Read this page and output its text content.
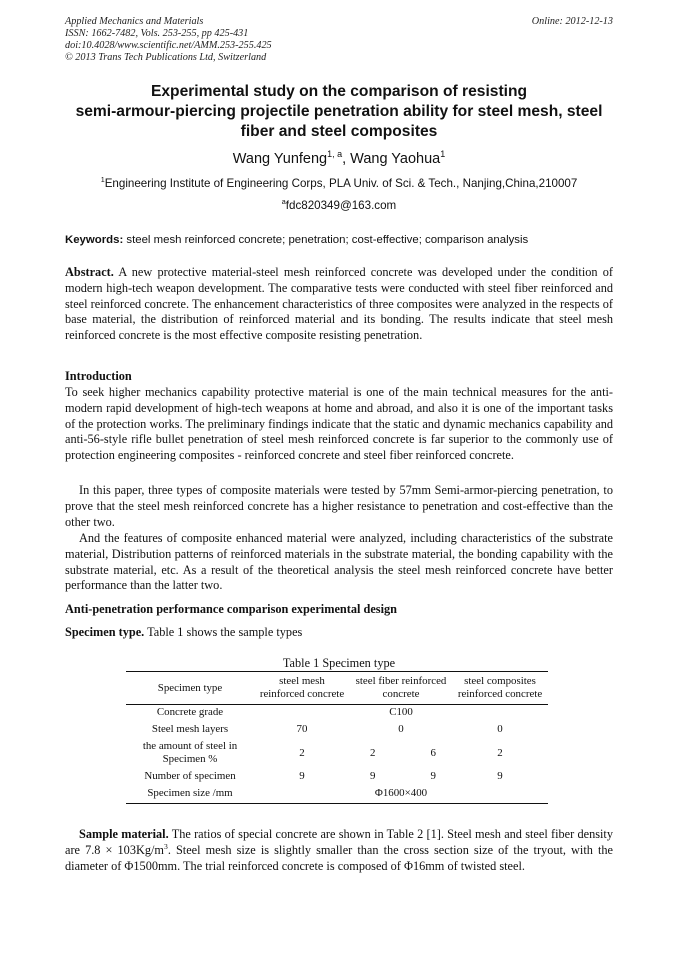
Applied Mechanics and Materials
ISSN: 1662-7482, Vols. 253-255, pp 425-431
doi:10.4028/www.scientific.net/AMM.253-255.425
© 2013 Trans Tech Publications Ltd, Switzerland
Online: 2012-12-13
Experimental study on the comparison of resisting
semi-armour-piercing projectile penetration ability for steel mesh, steel
fiber and steel composites
Wang Yunfeng$^{1, a}$, Wang Yaohua$^1$
$^1$Engineering Institute of Engineering Corps, PLA Univ. of Sci. & Tech., Nanjing,China,210007
$^a$fdc820349@163.com
Keywords: steel mesh reinforced concrete; penetration; cost-effective; comparison analysis
Abstract. A new protective material-steel mesh reinforced concrete was developed under the condition of modern high-tech weapon development. The comparative tests were conducted with steel fiber reinforced and steel reinforced concrete. The enhancement characteristics of three composites were analyzed in the respects of base material, the distribution of reinforced material and its bonding. The results indicate that steel mesh reinforced concrete is the most effective composite resisting penetration.
Introduction
To seek higher mechanics capability protective material is one of the main technical measures for the anti-modern rapid development of high-tech weapons at home and abroad, and also it is one of the important tasks of the protection works. The preliminary findings indicate that the static and dynamic mechanics capability and anti-56-style rifle bullet penetration of steel mesh reinforced concrete is far superior to the commonly use of protection engineering composites - reinforced concrete and steel fiber reinforced concrete.
In this paper, three types of composite materials were tested by 57mm Semi-armor-piercing penetration, to prove that the steel mesh reinforced concrete has a higher resistance to penetration and cost-effective than the other two.
And the features of composite enhanced material were analyzed, including characteristics of the substrate material, Distribution patterns of reinforced materials in the substrate material, the bonding capability with the substrate material, etc. As a result of the theoretical analysis the steel mesh reinforced concrete have better performance than the latter two.
Anti-penetration performance comparison experimental design
Specimen type. Table 1 shows the sample types
Table 1 Specimen type
Specimen type	steel mesh reinforced concrete	steel fiber reinforced concrete	steel composites reinforced concrete
Concrete grade	C100		
Steel mesh layers	70	0	0
the amount of steel in Specimen %	2	2 6	2
Number of specimen	9	9 9	9
Specimen size /mm	Φ1600×400		
Sample material. The ratios of special concrete are shown in Table 2 [1]. Steel mesh and steel fiber density are $7.8 \times 103Kg/m^3$. Steel mesh size is slightly smaller than the cross section size of the tryout, with the diameter of Φ1500mm. The trial reinforced concrete is composed of Φ16mm of twisted steel.
